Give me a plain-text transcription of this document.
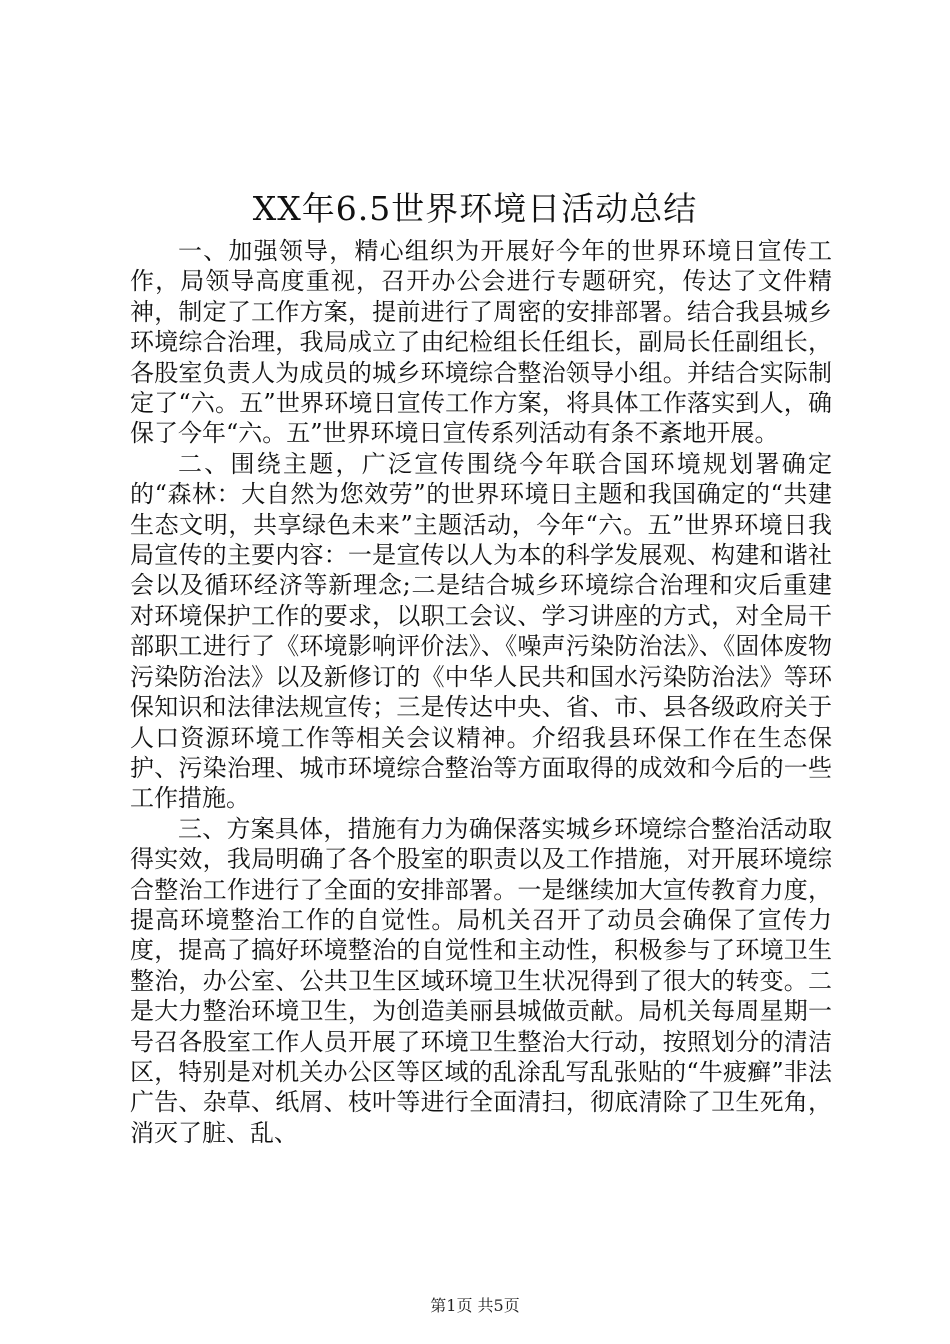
XX年6.5世界环境日活动总结

一、加强领导，精心组织为开展好今年的世界环境日宣传工作，局领导高度重视，召开办公会进行专题研究，传达了文件精神，制定了工作方案，提前进行了周密的安排部署。结合我县城乡环境综合治理，我局成立了由纪检组长任组长，副局长任副组长，各股室负责人为成员的城乡环境综合整治领导小组。并结合实际制定了“六。五”世界环境日宣传工作方案，将具体工作落实到人，确保了今年“六。五”世界环境日宣传系列活动有条不紊地开展。

二、围绕主题，广泛宣传围绕今年联合国环境规划署确定的“森林：大自然为您效劳”的世界环境日主题和我国确定的“共建生态文明，共享绿色未来”主题活动，今年“六。五”世界环境日我局宣传的主要内容：一是宣传以人为本的科学发展观、构建和谐社会以及循环经济等新理念;二是结合城乡环境综合治理和灾后重建对环境保护工作的要求，以职工会议、学习讲座的方式，对全局干部职工进行了《环境影响评价法》、《噪声污染防治法》、《固体废物污染防治法》以及新修订的《中华人民共和国水污染防治法》等环保知识和法律法规宣传；三是传达中央、省、市、县各级政府关于人口资源环境工作等相关会议精神。介绍我县环保工作在生态保护、污染治理、城市环境综合整治等方面取得的成效和今后的一些工作措施。

三、方案具体，措施有力为确保落实城乡环境综合整治活动取得实效，我局明确了各个股室的职责以及工作措施，对开展环境综合整治工作进行了全面的安排部署。一是继续加大宣传教育力度，提高环境整治工作的自觉性。局机关召开了动员会确保了宣传力度，提高了搞好环境整治的自觉性和主动性，积极参与了环境卫生整治，办公室、公共卫生区域环境卫生状况得到了很大的转变。二是大力整治环境卫生，为创造美丽县城做贡献。局机关每周星期一号召各股室工作人员开展了环境卫生整治大行动，按照划分的清洁区，特别是对机关办公区等区域的乱涂乱写乱张贴的“牛疲癣”非法广告、杂草、纸屑、枝叶等进行全面清扫，彻底清除了卫生死角，消灭了脏、乱、

第1页 共5页
